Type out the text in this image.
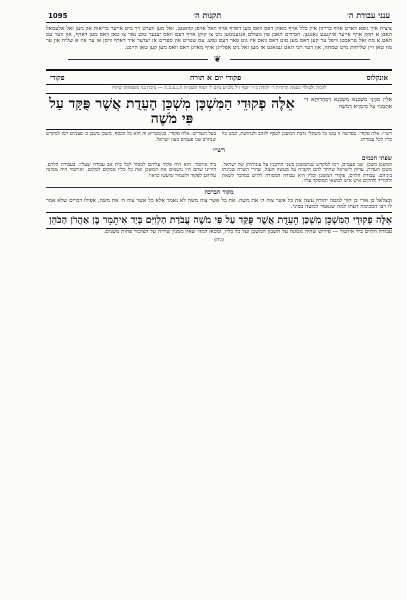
ענני עבודת ה׳
תקנות ה׳
1095

ציצית איך גופא ווארט אויף ברייזון איין כלל אויף מאהן דאס וואס מען דארף אויף וואל אויפן קוואנטן. זאל מען ווערט זיך מיט אייער בריאות און מען זאל אלעמאל האבן א תקון אויף אייער אייגענע גאנגען. חסידים האבן פון מעולם אנגענומען ניט צו קוקן אויף דעם וואס יענער טוט נאר צו טאן וואס מען דארף, און ווער עס האט א מח זאל טראכטן וויפל ער קען דאס מען טוט דאס וואס איז גוט פאר דעם נפש. עס שטייט אין ספרים אז יעדער איד דארף וויסן אז ער איז א שליח און ער מוז טאן זיין שליחות מיט שמחה, און דער רבי האט געזאגט אז מען זאל ניט אפלייגן אויף מארגן דאס וואס מען קען טאן היינט.

❦
אונקלוס
פקודי יום א תורה
פקודי
לזכות ולעילוי נשמת הרה״ח ר׳ יהודה ב״ר יוסף ז״ל נלב״ע ביום ל׳ תמוז תשכ״ח ת.נ.צ.ב.ה — נדבת בני משפחתו שיחיו
אִלֵּין מִנְיָנֵי מַשְׁכְּנָא מַשְׁכְּנָא דְסַהֲדוּתָא דִּי אִתְמְנִיוּ עַל מֵימְרָא דְמֹשֶׁה
אֵלֶּה פְקוּדֵי הַמִּשְׁכָּן מִשְׁכַּן הָעֵדֻת אֲשֶׁר פֻּקַּד עַל פִּי מֹשֶׁה
רש״י: אלה פקודי. בפרשה זו נמנו כל משקלי נדבת המשכן לכסף ולזהב ולנחושת, ונמנו כל כליו לכל עבודתו.
בעל הטורים: אלה פקודי. בגימטריא זה הוא כל הכסף, משכן משכן ב׳ פעמים רמז למקדש שנחרב שני פעמים בעון ישראל.
רש״י
שפתי חכמים
המשכן משכן. שני פעמים, רמז למקדש שנתמשכן בשני חורבנין על עונותיהן של ישראל. משכן העדות, עדות לישראל שויתר להם הקב״ה על מעשה העגל, שהרי השרה שכינתו ביניהם. עבודת הלוים, פקודי המשכן וכליו היא עבודה המסורה ללוים במדבר לשאת ולהוריד ולהקים איש איש למשאו המופקד עליו.
ביד איתמר, הוא היה פקיד עליהם למסור לכל בית אב עבודה שעליו. בעבודת הלוים. דהיינו שהם היו נושאים את המשכן ואת כל כליו ממקום למקום, ואיתמר היה ממונה עליהם לפקוד ולשמור שיעשו כראוי.
מקור הברכה

ובצלאל בן אורי בן חור למטה יהודה עשה את כל אשר צוה ה׳ את משה. את כל אשר צוה משה לא נאמר אלא כל אשר צוה ה׳ את משה, אפילו דברים שלא אמר לו רבו הסכימה דעתו למה שנאמר למשה בסיני.

אֵלֶּה פְקוּדֵי הַמִּשְׁכָּן מִשְׁכַּן הָעֵדֻת אֲשֶׁר פֻּקַּד עַל פִּי מֹשֶׁה עֲבֹדַת הַלְוִיִּם בְּיַד אִיתָמָר בֶּן אַהֲרֹן הַכֹּהֵן

עבודת הלוים ביד איתמר — פירוש שהיה ממונה על חשבון המשכן ועל כל כליו, ומכאן למדו שאין ממנין שררה על הציבור פחות משנים.

(ג׳ה)
